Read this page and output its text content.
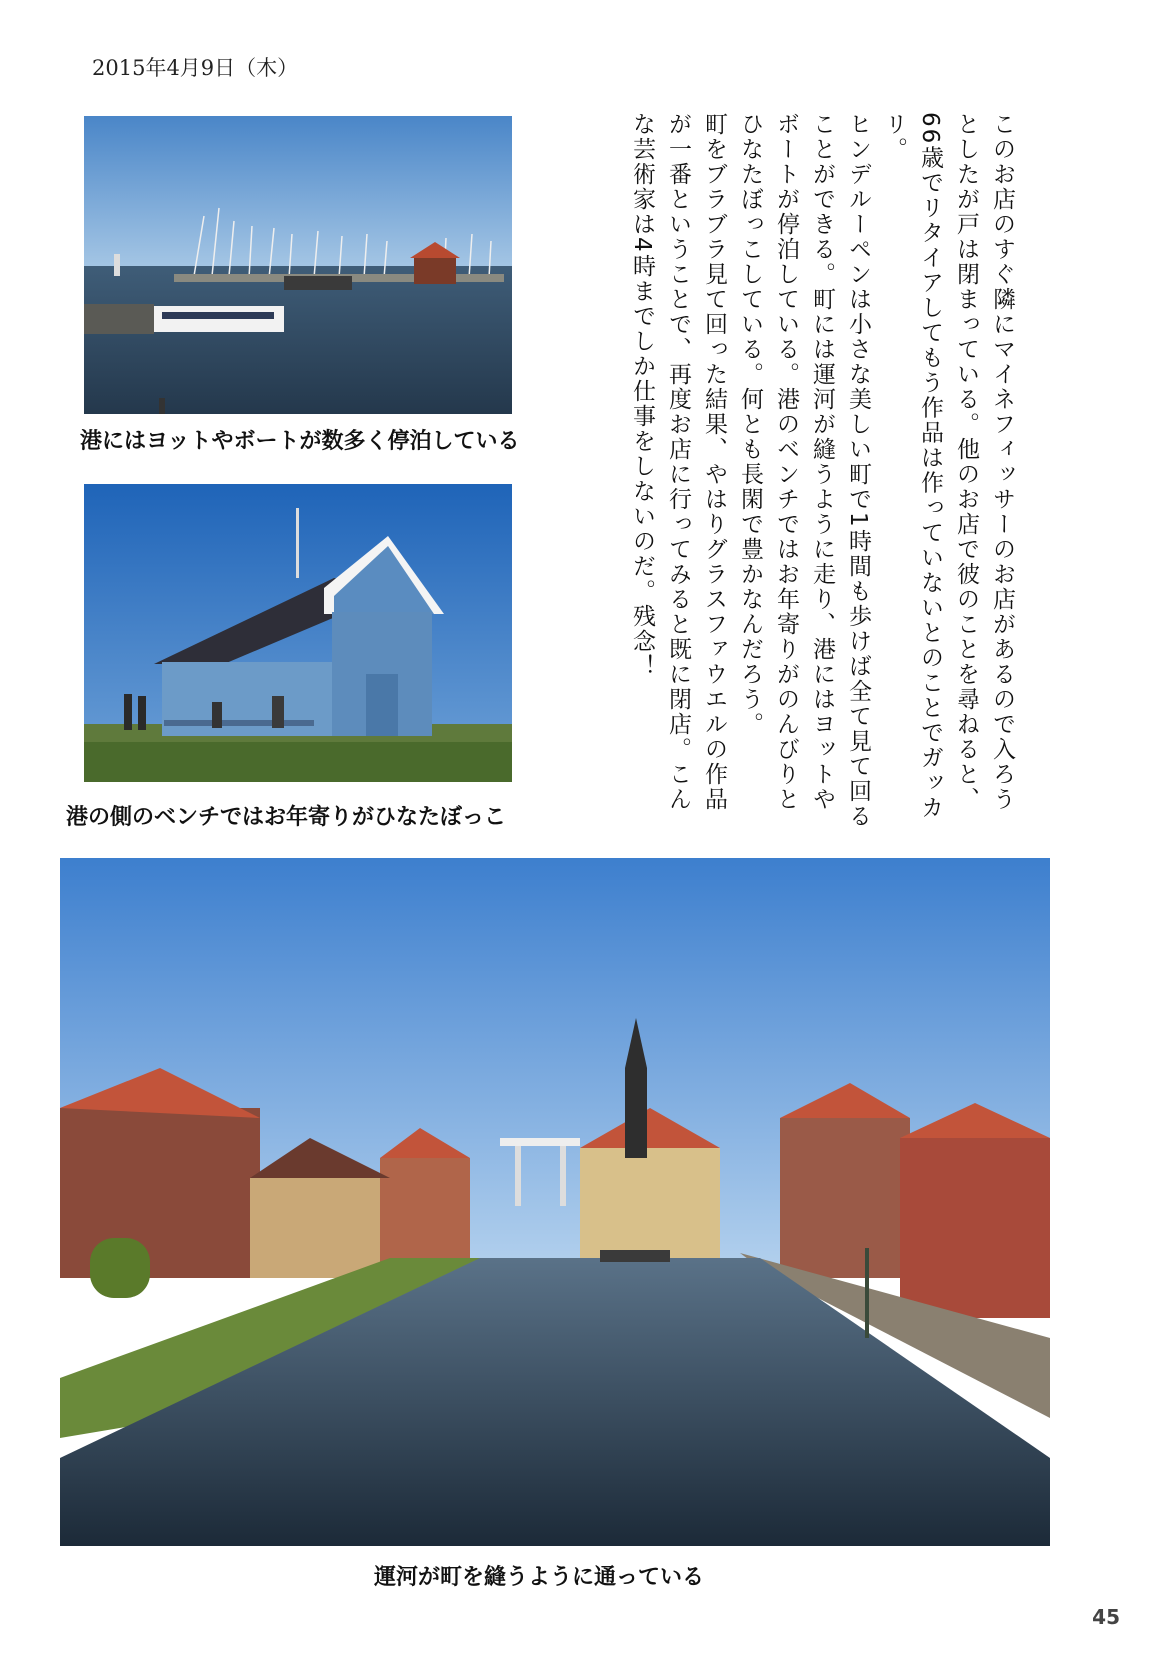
2015年4月9日（木）
港にはヨットやボートが数多く停泊している
港の側のベンチではお年寄りがひなたぼっこ

このお店のすぐ隣にマイネフィッサーのお店があるので入ろうとしたが戸は閉まっている。他のお店で彼のことを尋ねると、66歳でリタイアしてもう作品は作っていないとのことでガッカリ。

ヒンデルーペンは小さな美しい町で1時間も歩けば全て見て回ることができる。町には運河が縫うように走り、港にはヨットやボートが停泊している。港のベンチではお年寄りがのんびりとひなたぼっこしている。何とも長閑で豊かなんだろう。

町をブラブラ見て回った結果、やはりグラスファウエルの作品が一番ということで、再度お店に行ってみると既に閉店。こんな芸術家は4時までしか仕事をしないのだ。残念！

運河が町を縫うように通っている
45
